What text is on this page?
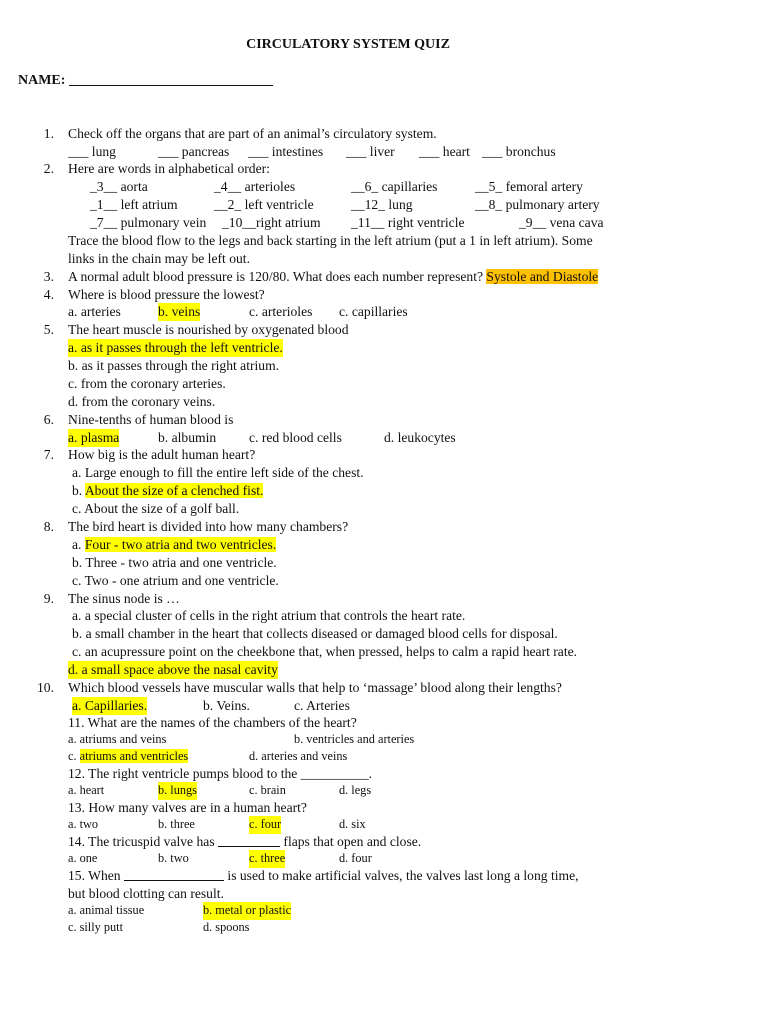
CIRCULATORY SYSTEM QUIZ
NAME:
1. Check off the organs that are part of an animal’s circulatory system.
___ lung	___ pancreas ___ intestines ___ liver ___ heart ___ bronchus
2. Here are words in alphabetical order:
_3__ aorta	_4__ arterioles	__6_ capillaries	__5_ femoral artery
_1__ left atrium	__2_ left ventricle	__12_ lung	__8_ pulmonary artery
_7__ pulmonary vein _10__right atrium _11__ right ventricle	_9__ vena cava
Trace the blood flow to the legs and back starting in the left atrium (put a 1 in left atrium). Some
links in the chain may be left out.
3. A normal adult blood pressure is 120/80. What does each number represent? Systole and Diastole
4. Where is blood pressure the lowest?
a. arteries	b. veins	c. arterioles c. capillaries
5. The heart muscle is nourished by oxygenated blood
a. as it passes through the left ventricle.
b. as it passes through the right atrium.
c. from the coronary arteries.
d. from the coronary veins.
6. Nine-tenths of human blood is
a. plasma	b. albumin c. red blood cells	d. leukocytes
7. How big is the adult human heart?
a. Large enough to fill the entire left side of the chest.
b. About the size of a clenched fist.
c. About the size of a golf ball.
8. The bird heart is divided into how many chambers?
a. Four - two atria and two ventricles.
b. Three - two atria and one ventricle.
c. Two - one atrium and one ventricle.
9. The sinus node is …
a. a special cluster of cells in the right atrium that controls the heart rate.
b. a small chamber in the heart that collects diseased or damaged blood cells for disposal.
c. an acupressure point on the cheekbone that, when pressed, helps to calm a rapid heart rate.
d. a small space above the nasal cavity
10. Which blood vessels have muscular walls that help to ‘massage’ blood along their lengths?
a. Capillaries.	b. Veins.	c. Arteries
11. What are the names of the chambers of the heart?
a. atriums and veins	b. ventricles and arteries
c. atriums and ventricles	d. arteries and veins
12. The right ventricle pumps blood to the __________.
a. heart	b. lungs	c. brain	d. legs
13. How many valves are in a human heart?
a. two	b. three	c. four	d. six
14. The tricuspid valve has	flaps that open and close.
a. one	b. two	c. three	d. four
15. When	is used to make artificial valves, the valves last long a long time,
but blood clotting can result.
a. animal tissue	b. metal or plastic
c. silly putt	d. spoons
